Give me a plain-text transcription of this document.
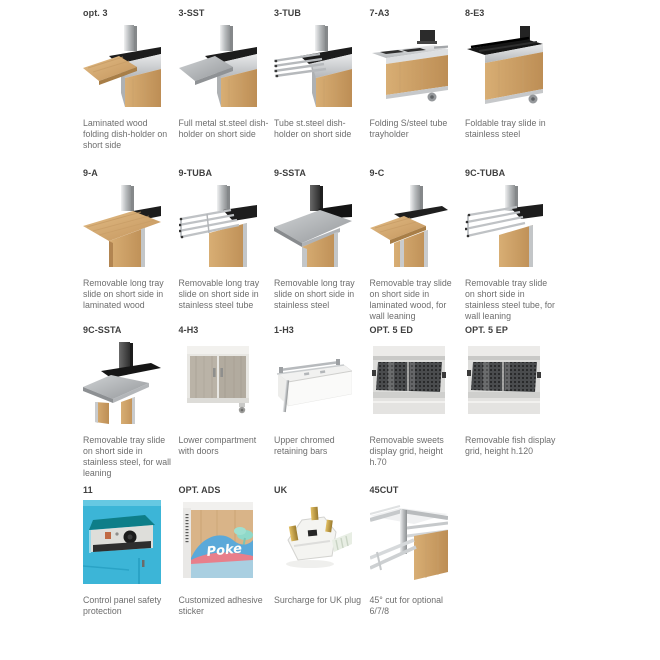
opt. 3
Laminated wood folding dish-holder on short side
3-SST
Full metal st.steel dish-holder on short side
3-TUB
Tube st.steel dish-holder on short side
7-A3
Folding S/steel tube trayholder
8-E3
Foldable tray slide in stainless steel
9-A
Removable long tray slide on short side in laminated wood
9-TUBA
Removable long tray slide on short side in stainless steel tube
9-SSTA
Removable long tray slide on short side in stainless steel
9-C
Removable tray slide on short side in laminated wood, for wall leaning
9C-TUBA
Removable tray slide on short side in stainless steel tube, for wall leaning
9C-SSTA
Removable tray slide on short side in stainless steel, for wall leaning
4-H3
Lower compartment with doors
1-H3
Upper chromed retaining bars
OPT. 5 ED
Removable sweets display grid, height h.70
OPT. 5 EP
Removable fish display grid, height h.120
11
Control panel safety protection
OPT. ADS
Poke
Customized adhesive sticker
UK
Surcharge for UK plug
45CUT
45° cut for optional 6/7/8
